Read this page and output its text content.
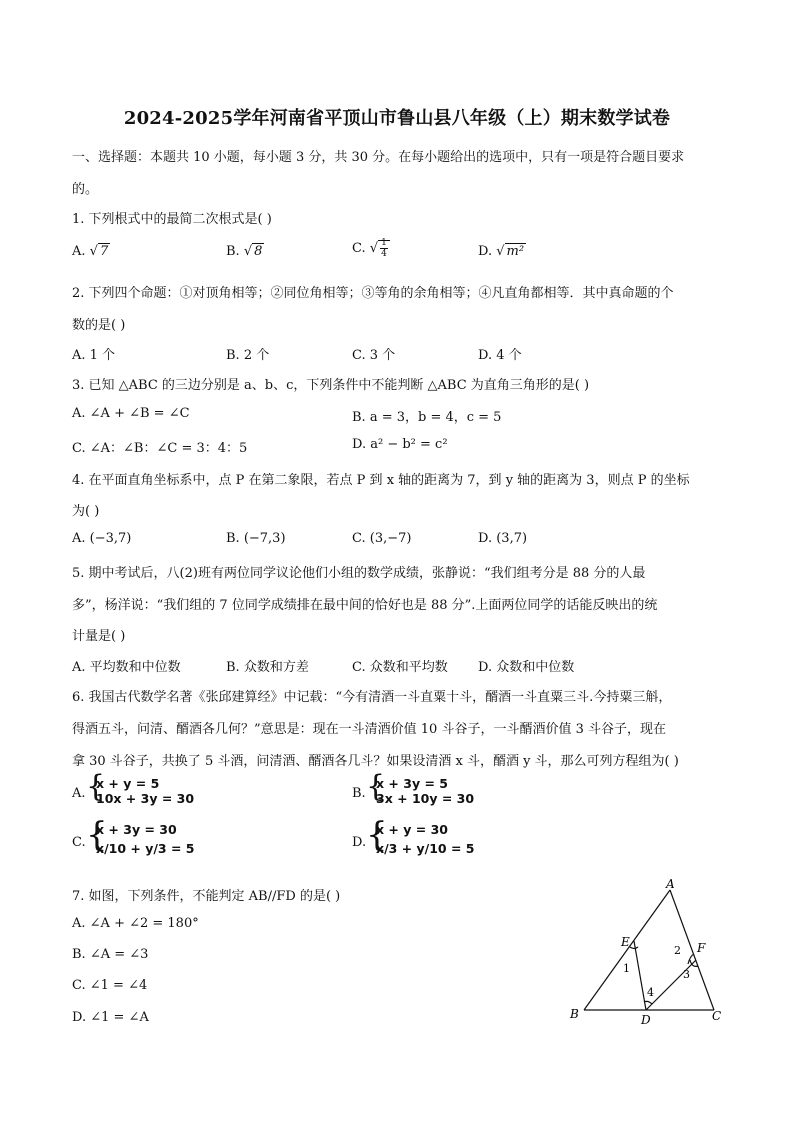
2024-2025学年河南省平顶山市鲁山县八年级（上）期末数学试卷
一、选择题：本题共 10 小题，每小题 3 分，共 30 分。在每小题给出的选项中，只有一项是符合题目要求
的。
1. 下列根式中的最简二次根式是( )
A. √ 7	B. √ 8	C. √ $\frac{1}{4}$	D. √ m²
2. 下列四个命题：①对顶角相等；②同位角相等；③等角的余角相等；④凡直角都相等．其中真命题的个
数的是( )
A. 1 个	B. 2 个	C. 3 个	D. 4 个
3. 已知 △ABC 的三边分别是 a、b、c，下列条件中不能判断 △ABC 为直角三角形的是( )
A. ∠A + ∠B = ∠C	B. a = 3，b = 4，c = 5
C. ∠A：∠B：∠C = 3：4：5	D. a² − b² = c²
4. 在平面直角坐标系中，点 P 在第二象限，若点 P 到 x 轴的距离为 7，到 y 轴的距离为 3，则点 P 的坐标
为( )
A. (−3,7)	B. (−7,3)	C. (3,−7)	D. (3,7)
5. 期中考试后，八(2)班有两位同学议论他们小组的数学成绩，张静说：“我们组考分是 88 分的人最
多”，杨洋说：“我们组的 7 位同学成绩排在最中间的恰好也是 88 分”.上面两位同学的话能反映出的统
计量是( )
A. 平均数和中位数	B. 众数和方差	C. 众数和平均数 D. 众数和中位数
6. 我国古代数学名著《张邱建算经》中记载：“今有清酒一斗直粟十斗，醑酒一斗直粟三斗.今持粟三斛，
得酒五斗，问清、醑酒各几何？”意思是：现在一斗清酒价值 10 斗谷子，一斗醑酒价值 3 斗谷子，现在
拿 30 斗谷子，共换了 5 斗酒，问清酒、醑酒各几斗？如果设清酒 x 斗，醑酒 y 斗，那么可列方程组为( )
A. {
x + y = 5
10x + 3y = 30	B. {
x + 3y = 5
3x + 10y = 30
C. {
x + 3y = 30
x/10 + y/3 = 5	D. {
x + y = 30
x/3 + y/10 = 5
7. 如图，下列条件，不能判定 AB//FD 的是( )
A. ∠A + ∠2 = 180°
B. ∠A = ∠3
C. ∠1 = ∠4
D. ∠1 = ∠A
A
B	C
D
E	F
1
2
3
4
